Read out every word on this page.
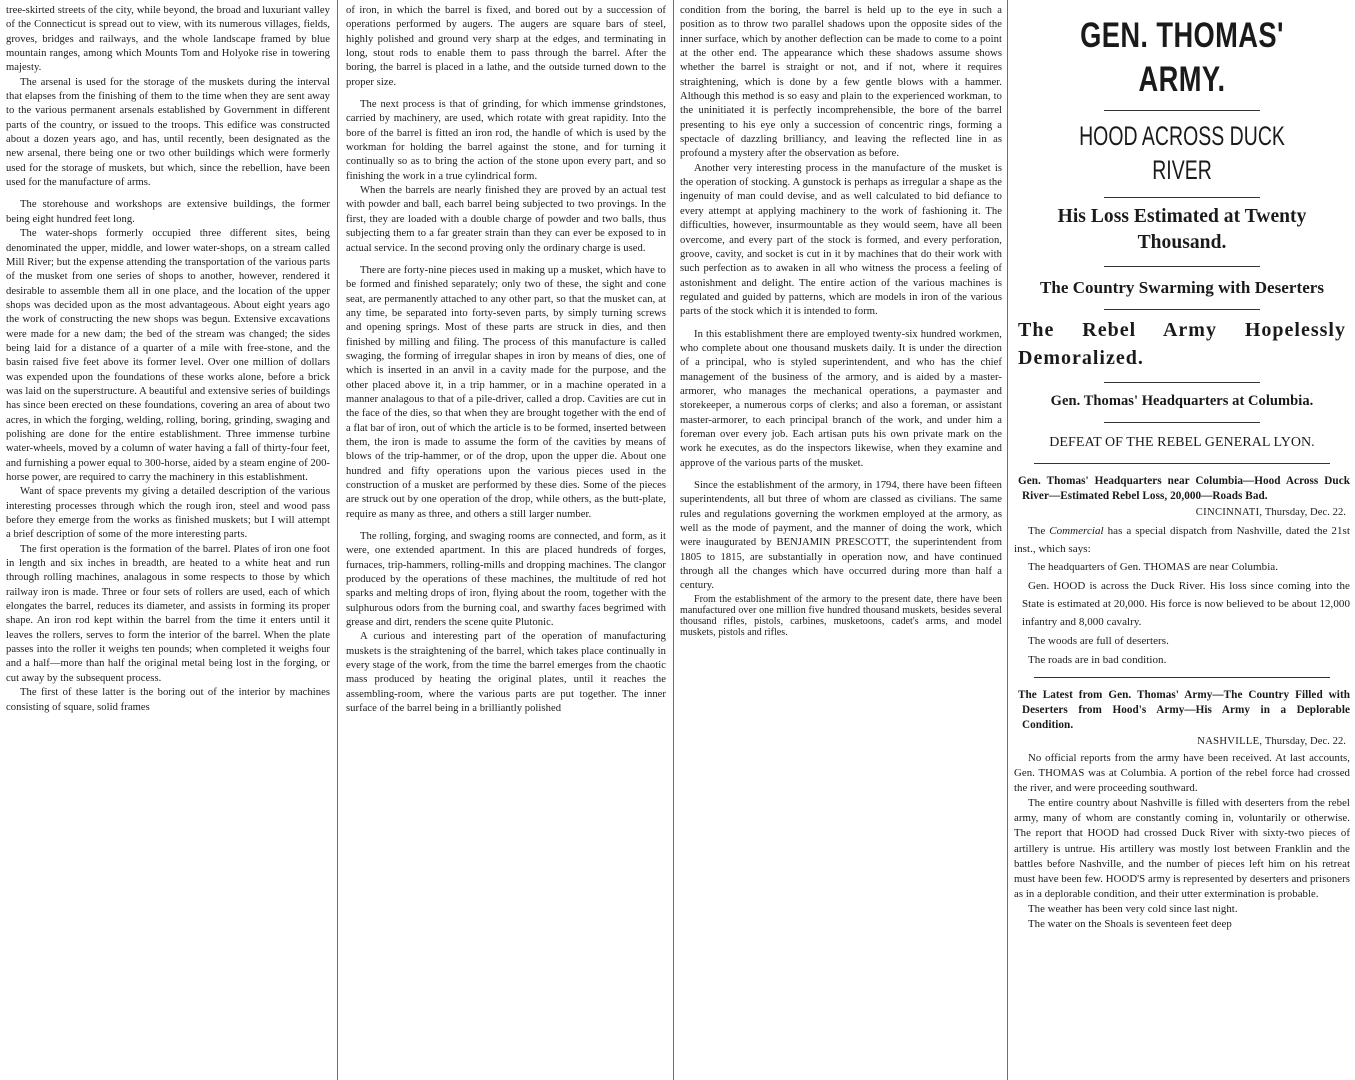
tree-skirted streets of the city, while beyond, the broad and luxuriant valley of the Connecticut is spread out to view, with its numerous villages, fields, groves, bridges and railways, and the whole landscape framed by blue mountain ranges, among which Mounts Tom and Holyoke rise in towering majesty.

The arsenal is used for the storage of the muskets during the interval that elapses from the finishing of them to the time when they are sent away to the various permanent arsenals established by Government in different parts of the country, or issued to the troops. This edifice was constructed about a dozen years ago, and has, until recently, been designated as the new arsenal, there being one or two other buildings which were formerly used for the storage of muskets, but which, since the rebellion, have been used for the manufacture of arms.

The storehouse and workshops are extensive buildings, the former being eight hundred feet long.

The water-shops formerly occupied three different sites, being denominated the upper, middle, and lower water-shops, on a stream called Mill River; but the expense attending the transportation of the various parts of the musket from one series of shops to another, however, rendered it desirable to assemble them all in one place, and the location of the upper shops was decided upon as the most advantageous. About eight years ago the work of constructing the new shops was begun. Extensive excavations were made for a new dam; the bed of the stream was changed; the sides being laid for a distance of a quarter of a mile with free-stone, and the basin raised five feet above its former level. Over one million of dollars was expended upon the foundations of these works alone, before a brick was laid on the superstructure. A beautiful and extensive series of buildings has since been erected on these foundations, covering an area of about two acres, in which the forging, welding, rolling, boring, grinding, swaging and polishing are done for the entire establishment. Three immense turbine water-wheels, moved by a column of water having a fall of thirty-four feet, and furnishing a power equal to 300-horse, aided by a steam engine of 200-horse power, are required to carry the machinery in this establishment.

Want of space prevents my giving a detailed description of the various interesting processes through which the rough iron, steel and wood pass before they emerge from the works as finished muskets; but I will attempt a brief description of some of the more interesting parts.

The first operation is the formation of the barrel. Plates of iron one foot in length and six inches in breadth, are heated to a white heat and run through rolling machines, analagous in some respects to those by which railway iron is made. Three or four sets of rollers are used, each of which elongates the barrel, reduces its diameter, and assists in forming its proper shape. An iron rod kept within the barrel from the time it enters until it leaves the rollers, serves to form the interior of the barrel. When the plate passes into the roller it weighs ten pounds; when completed it weighs four and a half—more than half the original metal being lost in the forging, or cut away by the subsequent process.

The first of these latter is the boring out of the interior by machines consisting of square, solid frames

of iron, in which the barrel is fixed, and bored out by a succession of operations performed by augers. The augers are square bars of steel, highly polished and ground very sharp at the edges, and terminating in long, stout rods to enable them to pass through the barrel. After the boring, the barrel is placed in a lathe, and the outside turned down to the proper size.

The next process is that of grinding, for which immense grindstones, carried by machinery, are used, which rotate with great rapidity. Into the bore of the barrel is fitted an iron rod, the handle of which is used by the workman for holding the barrel against the stone, and for turning it continually so as to bring the action of the stone upon every part, and so finishing the work in a true cylindrical form.

When the barrels are nearly finished they are proved by an actual test with powder and ball, each barrel being subjected to two provings. In the first, they are loaded with a double charge of powder and two balls, thus subjecting them to a far greater strain than they can ever be exposed to in actual service. In the second proving only the ordinary charge is used.

There are forty-nine pieces used in making up a musket, which have to be formed and finished separately; only two of these, the sight and cone seat, are permanently attached to any other part, so that the musket can, at any time, be separated into forty-seven parts, by simply turning screws and opening springs. Most of these parts are struck in dies, and then finished by milling and filing. The process of this manufacture is called swaging, the forming of irregular shapes in iron by means of dies, one of which is inserted in an anvil in a cavity made for the purpose, and the other placed above it, in a trip hammer, or in a machine operated in a manner analagous to that of a pile-driver, called a drop. Cavities are cut in the face of the dies, so that when they are brought together with the end of a flat bar of iron, out of which the article is to be formed, inserted between them, the iron is made to assume the form of the cavities by means of blows of the trip-hammer, or of the drop, upon the upper die. About one hundred and fifty operations upon the various pieces used in the construction of a musket are performed by these dies. Some of the pieces are struck out by one operation of the drop, while others, as the butt-plate, require as many as three, and others a still larger number.

The rolling, forging, and swaging rooms are connected, and form, as it were, one extended apartment. In this are placed hundreds of forges, furnaces, trip-hammers, rolling-mills and dropping machines. The clangor produced by the operations of these machines, the multitude of red hot sparks and melting drops of iron, flying about the room, together with the sulphurous odors from the burning coal, and swarthy faces begrimed with grease and dirt, renders the scene quite Plutonic.

A curious and interesting part of the operation of manufacturing muskets is the straightening of the barrel, which takes place continually in every stage of the work, from the time the barrel emerges from the chaotic mass produced by heating the original plates, until it reaches the assembling-room, where the various parts are put together. The inner surface of the barrel being in a brilliantly polished

condition from the boring, the barrel is held up to the eye in such a position as to throw two parallel shadows upon the opposite sides of the inner surface, which by another deflection can be made to come to a point at the other end. The appearance which these shadows assume shows whether the barrel is straight or not, and if not, where it requires straightening, which is done by a few gentle blows with a hammer. Although this method is so easy and plain to the experienced workman, to the uninitiated it is perfectly incomprehensible, the bore of the barrel presenting to his eye only a succession of concentric rings, forming a spectacle of dazzling brilliancy, and leaving the reflected line in as profound a mystery after the observation as before.

Another very interesting process in the manufacture of the musket is the operation of stocking. A gunstock is perhaps as irregular a shape as the ingenuity of man could devise, and as well calculated to bid defiance to every attempt at applying machinery to the work of fashioning it. The difficulties, however, insurmountable as they would seem, have all been overcome, and every part of the stock is formed, and every perforation, groove, cavity, and socket is cut in it by machines that do their work with such perfection as to awaken in all who witness the process a feeling of astonishment and delight. The entire action of the various machines is regulated and guided by patterns, which are models in iron of the various parts of the stock which it is intended to form.

In this establishment there are employed twenty-six hundred workmen, who complete about one thousand muskets daily. It is under the direction of a principal, who is styled superintendent, and who has the chief management of the business of the armory, and is aided by a master-armorer, who manages the mechanical operations, a paymaster and storekeeper, a numerous corps of clerks; and also a foreman, or assistant master-armorer, to each principal branch of the work, and under him a foreman over every job. Each artisan puts his own private mark on the work he executes, as do the inspectors likewise, when they examine and approve of the various parts of the musket.

Since the establishment of the armory, in 1794, there have been fifteen superintendents, all but three of whom are classed as civilians. The same rules and regulations governing the workmen employed at the armory, as well as the mode of payment, and the manner of doing the work, which were inaugurated by BENJAMIN PRESCOTT, the superintendent from 1805 to 1815, are substantially in operation now, and have continued through all the changes which have occurred during more than half a century.

From the establishment of the armory to the present date, there have been manufactured over one million five hundred thousand muskets, besides several thousand rifles, pistols, carbines, musketoons, cadet's arms, and model muskets, pistols and rifles.

GEN. THOMAS' ARMY.
HOOD ACROSS DUCK RIVER
His Loss Estimated at Twenty Thousand.
The Country Swarming with Deserters
The Rebel Army Hopelessly Demoralized.
Gen. Thomas' Headquarters at Columbia.
DEFEAT OF THE REBEL GENERAL LYON.
Gen. Thomas' Headquarters near Columbia—Hood Across Duck River—Estimated Rebel Loss, 20,000—Roads Bad.
CINCINNATI, Thursday, Dec. 22.

The Commercial has a special dispatch from Nashville, dated the 21st inst., which says:

The headquarters of Gen. THOMAS are near Columbia.

Gen. HOOD is across the Duck River. His loss since coming into the State is estimated at 20,000. His force is now believed to be about 12,000 infantry and 8,000 cavalry.

The woods are full of deserters.

The roads are in bad condition.

The Latest from Gen. Thomas' Army—The Country Filled with Deserters from Hood's Army—His Army in a Deplorable Condition.
NASHVILLE, Thursday, Dec. 22.

No official reports from the army have been received. At last accounts, Gen. THOMAS was at Columbia. A portion of the rebel force had crossed the river, and were proceeding southward.

The entire country about Nashville is filled with deserters from the rebel army, many of whom are constantly coming in, voluntarily or otherwise. The report that HOOD had crossed Duck River with sixty-two pieces of artillery is untrue. His artillery was mostly lost between Franklin and the battles before Nashville, and the number of pieces left him on his retreat must have been few. HOOD'S army is represented by deserters and prisoners as in a deplorable condition, and their utter extermination is probable.

The weather has been very cold since last night.

The water on the Shoals is seventeen feet deep
